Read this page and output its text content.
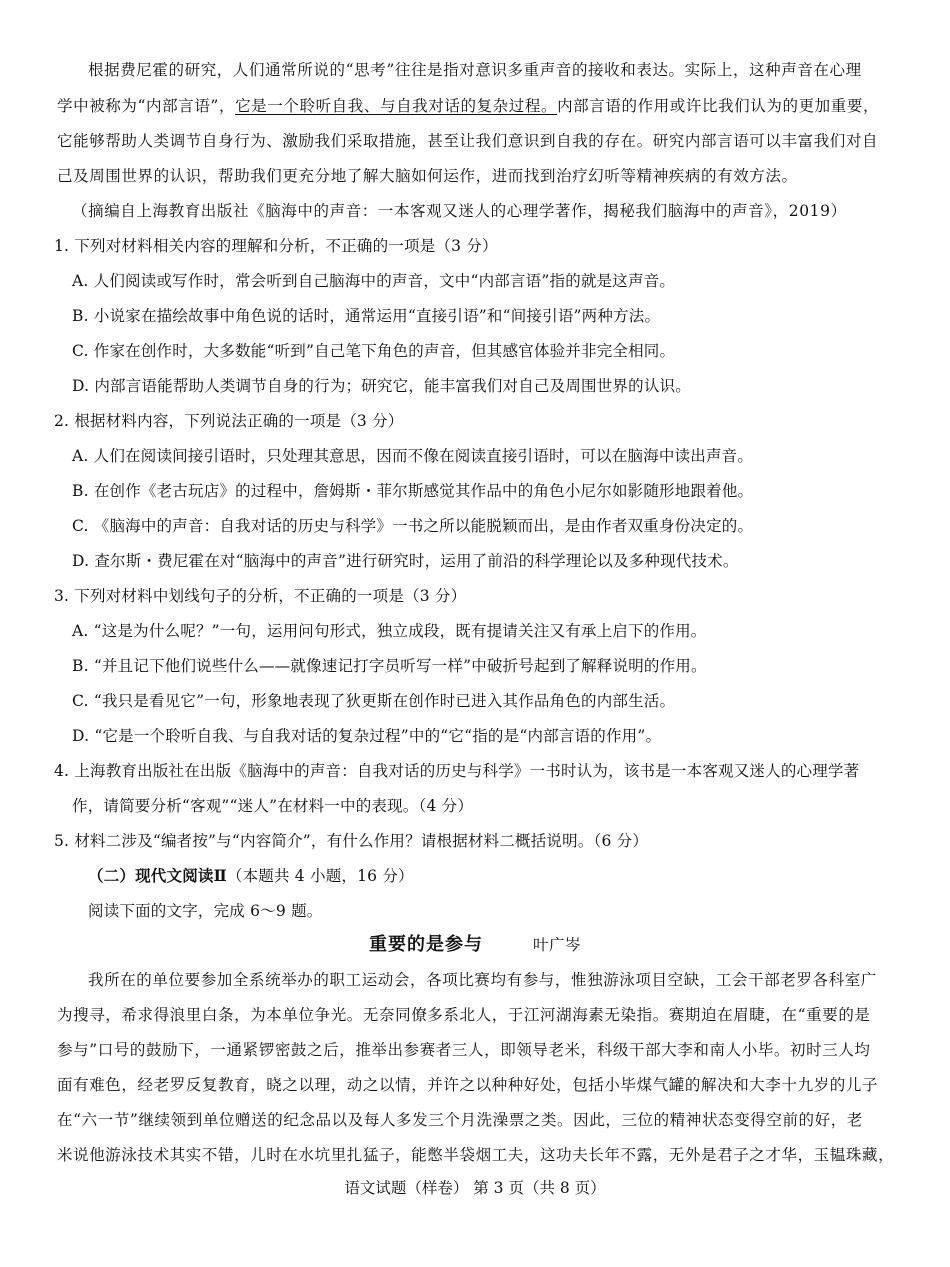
根据费尼霍的研究，人们通常所说的“思考”往往是指对意识多重声音的接收和表达。实际上，这种声音在心理
学中被称为“内部言语”，它是一个聆听自我、与自我对话的复杂过程。内部言语的作用或许比我们认为的更加重要，
它能够帮助人类调节自身行为、激励我们采取措施，甚至让我们意识到自我的存在。研究内部言语可以丰富我们对自
己及周围世界的认识，帮助我们更充分地了解大脑如何运作，进而找到治疗幻听等精神疾病的有效方法。
（摘编自上海教育出版社《脑海中的声音：一本客观又迷人的心理学著作，揭秘我们脑海中的声音》，2019）
1. 下列对材料相关内容的理解和分析，不正确的一项是（3 分）
A. 人们阅读或写作时，常会听到自己脑海中的声音，文中“内部言语”指的就是这声音。
B. 小说家在描绘故事中角色说的话时，通常运用“直接引语”和“间接引语”两种方法。
C. 作家在创作时，大多数能“听到”自己笔下角色的声音，但其感官体验并非完全相同。
D. 内部言语能帮助人类调节自身的行为；研究它，能丰富我们对自己及周围世界的认识。
2. 根据材料内容，下列说法正确的一项是（3 分）
A. 人们在阅读间接引语时，只处理其意思，因而不像在阅读直接引语时，可以在脑海中读出声音。
B. 在创作《老古玩店》的过程中，詹姆斯・菲尔斯感觉其作品中的角色小尼尔如影随形地跟着他。
C. 《脑海中的声音：自我对话的历史与科学》一书之所以能脱颖而出，是由作者双重身份决定的。
D. 查尔斯・费尼霍在对“脑海中的声音”进行研究时，运用了前沿的科学理论以及多种现代技术。
3. 下列对材料中划线句子的分析，不正确的一项是（3 分）
A. “这是为什么呢？”一句，运用问句形式，独立成段，既有提请关注又有承上启下的作用。
B. “并且记下他们说些什么——就像速记打字员听写一样”中破折号起到了解释说明的作用。
C. “我只是看见它”一句，形象地表现了狄更斯在创作时已进入其作品角色的内部生活。
D. “它是一个聆听自我、与自我对话的复杂过程”中的“它“指的是“内部言语的作用”。
4. 上海教育出版社在出版《脑海中的声音：自我对话的历史与科学》一书时认为，该书是一本客观又迷人的心理学著
作，请简要分析“客观”“迷人”在材料一中的表现。（4 分）
5. 材料二涉及“编者按”与“内容简介”，有什么作用？请根据材料二概括说明。（6 分）
（二）现代文阅读Ⅱ（本题共 4 小题，16 分）
阅读下面的文字，完成 6～9 题。
重要的是参与	叶广岑
我所在的单位要参加全系统举办的职工运动会，各项比赛均有参与，惟独游泳项目空缺，工会干部老罗各科室广
为搜寻，希求得浪里白条，为本单位争光。无奈同僚多系北人，于江河湖海素无染指。赛期迫在眉睫，在“重要的是
参与”口号的鼓励下，一通紧锣密鼓之后，推举出参赛者三人，即领导老米，科级干部大李和南人小毕。初时三人均
面有难色，经老罗反复教育，晓之以理，动之以情，并许之以种种好处，包括小毕煤气罐的解决和大李十九岁的儿子
在“六一节”继续领到单位赠送的纪念品以及每人多发三个月洗澡票之类。因此，三位的精神状态变得空前的好，老
米说他游泳技术其实不错，儿时在水坑里扎猛子，能憋半袋烟工夫，这功夫长年不露，无外是君子之才华，玉韫珠藏，
语文试题（样卷） 第 3 页（共 8 页）
